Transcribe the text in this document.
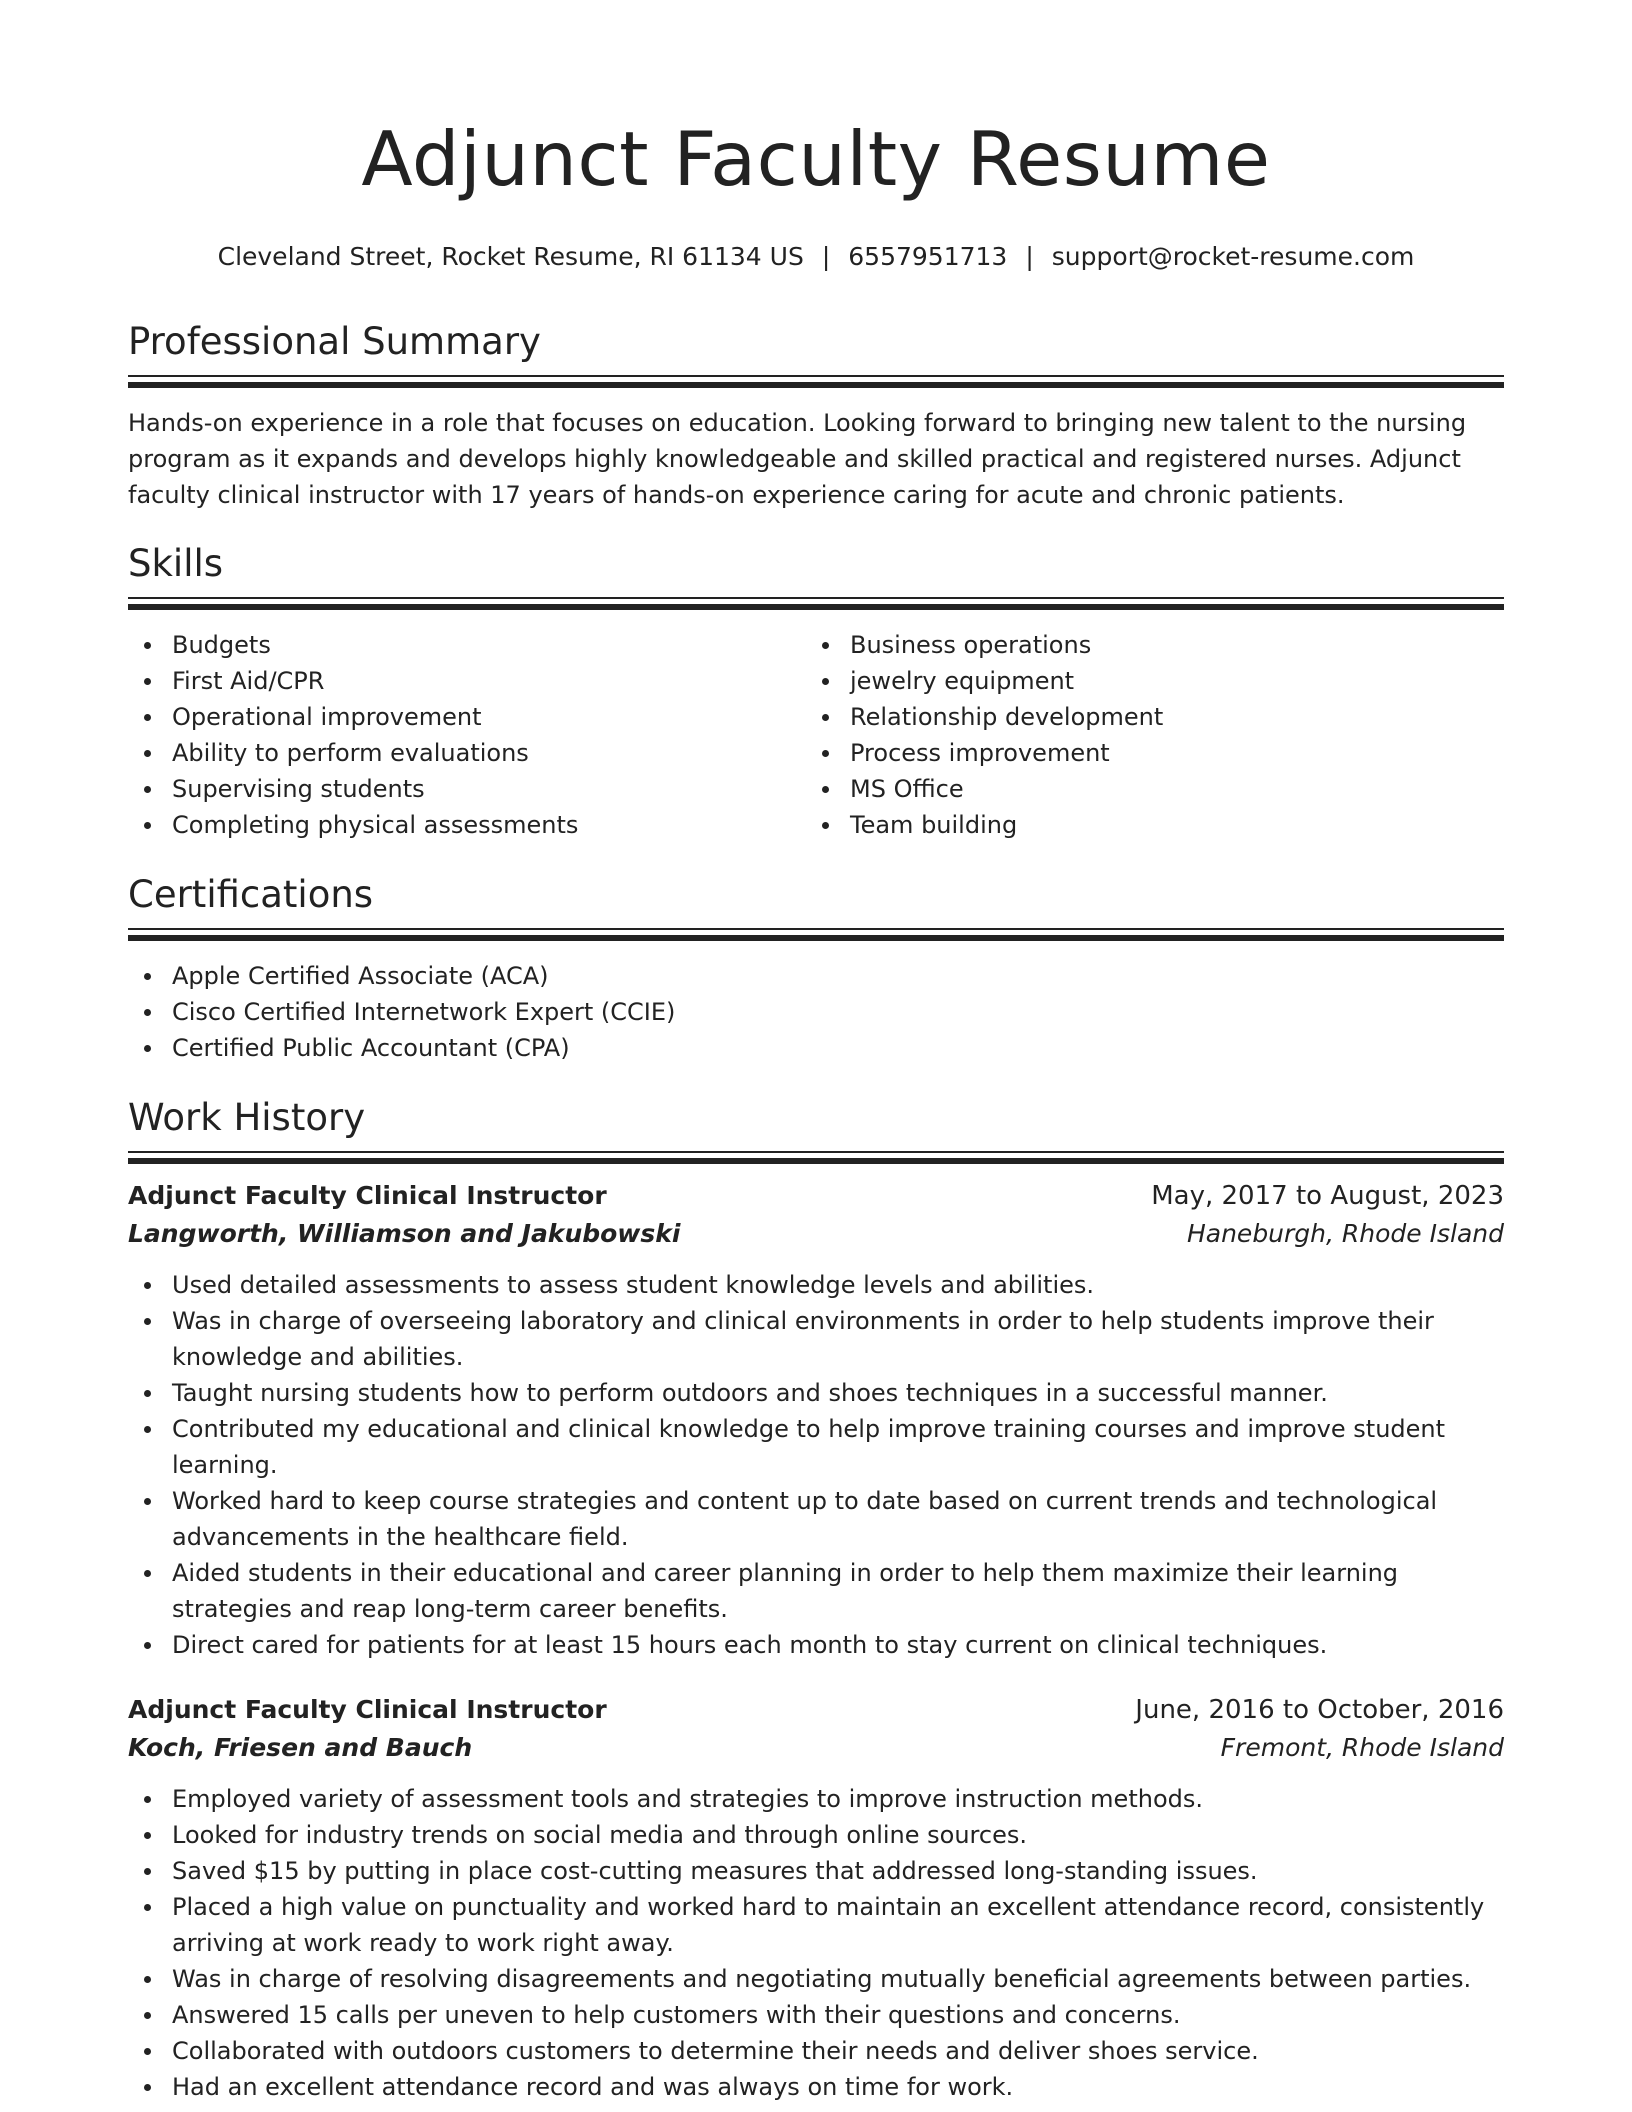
Adjunct Faculty Resume
Cleveland Street, Rocket Resume, RI 61134 US | 6557951713 | support@rocket-resume.com
Professional Summary

Hands-on experience in a role that focuses on education. Looking forward to bringing new talent to the nursing program as it expands and develops highly knowledgeable and skilled practical and registered nurses. Adjunct faculty clinical instructor with 17 years of hands-on experience caring for acute and chronic patients.

Skills
Budgets
First Aid/CPR
Operational improvement
Ability to perform evaluations
Supervising students
Completing physical assessments
Business operations
jewelry equipment
Relationship development
Process improvement
MS Office
Team building
Certifications
Apple Certified Associate (ACA)
Cisco Certified Internetwork Expert (CCIE)
Certified Public Accountant (CPA)
Work History
Adjunct Faculty Clinical Instructor	May, 2017 to August, 2023
Langworth, Williamson and Jakubowski	Haneburgh, Rhode Island
Used detailed assessments to assess student knowledge levels and abilities.
Was in charge of overseeing laboratory and clinical environments in order to help students improve their knowledge and abilities.
Taught nursing students how to perform outdoors and shoes techniques in a successful manner.
Contributed my educational and clinical knowledge to help improve training courses and improve student learning.
Worked hard to keep course strategies and content up to date based on current trends and technological advancements in the healthcare field.
Aided students in their educational and career planning in order to help them maximize their learning strategies and reap long-term career benefits.
Direct cared for patients for at least 15 hours each month to stay current on clinical techniques.
Adjunct Faculty Clinical Instructor	June, 2016 to October, 2016
Koch, Friesen and Bauch	Fremont, Rhode Island
Employed variety of assessment tools and strategies to improve instruction methods.
Looked for industry trends on social media and through online sources.
Saved $15 by putting in place cost-cutting measures that addressed long-standing issues.
Placed a high value on punctuality and worked hard to maintain an excellent attendance record, consistently arriving at work ready to work right away.
Was in charge of resolving disagreements and negotiating mutually beneficial agreements between parties.
Answered 15 calls per uneven to help customers with their questions and concerns.
Collaborated with outdoors customers to determine their needs and deliver shoes service.
Had an excellent attendance record and was always on time for work.
